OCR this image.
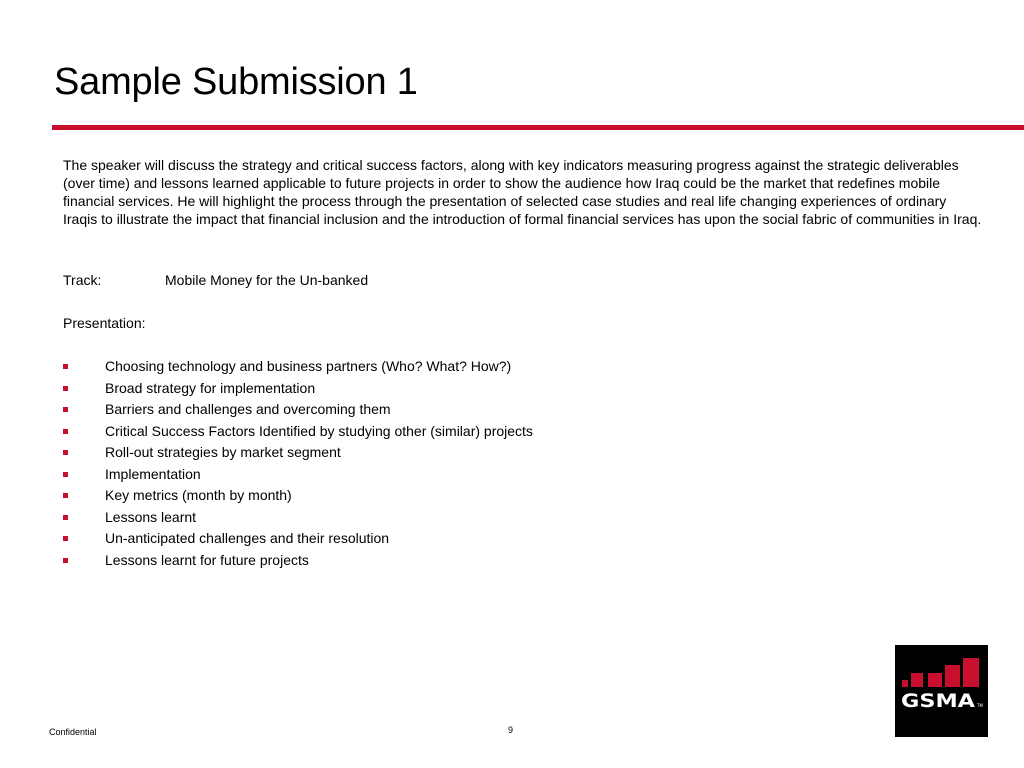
Sample Submission 1

The speaker will discuss the strategy and critical success factors, along with key indicators measuring progress against the strategic deliverables (over time) and lessons learned applicable to future projects in order to show the audience how Iraq could be the market that redefines mobile financial services. He will highlight the process through the presentation of selected case studies and real life changing experiences of ordinary Iraqis to illustrate the impact that financial inclusion and the introduction of formal financial services has upon the social fabric of communities in Iraq.

Track:	Mobile Money for the Un-banked
Presentation:
Choosing technology and business partners (Who? What? How?)
Broad strategy for implementation
Barriers and challenges and overcoming them
Critical Success Factors Identified by studying other (similar) projects
Roll-out strategies by market segment
Implementation
Key metrics (month by month)
Lessons learnt
Un-anticipated challenges and their resolution
Lessons learnt for future projects
Confidential	9
GSMA TM
